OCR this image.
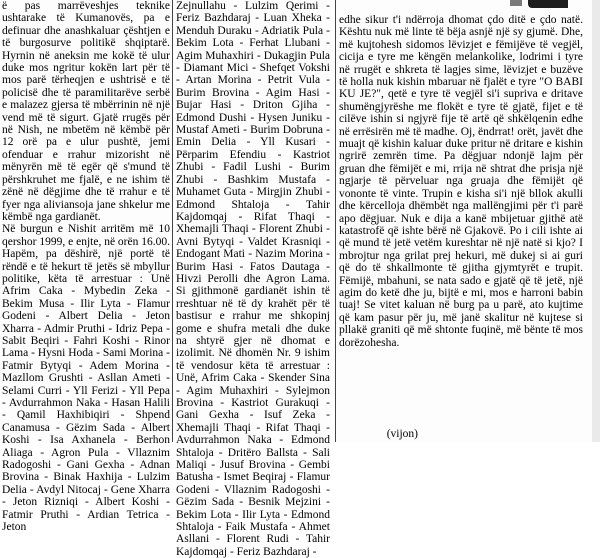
ë pas marrëveshjes teknike ushtarake të Kumanovës, pa e definuar dhe anashkaluar çështjen e të burgosurve politikë shqiptarë. Hyrnin në aneksin me kokë të ulur duke mos ngritur kokën lart për të mos parë tërheqjen e ushtrisë e të policisë dhe të paramilitarëve serbë e malazez gjersa të mbërrinin në një vend më të sigurt. Gjatë rrugës për në Nish, ne mbetëm në këmbë për 12 orë pa e ulur pushtë, jemi ofenduar e rrahur mizorisht në mënyrën më të egër që s'mund të përshkruhet me fjalë, e ne ishim të zënë në dëgjime dhe të rrahur e të fyer nga aliviansoja jane shkelur me këmbë nga gardianët.

Në burgun e Nishit arritëm më 10 qershor 1999, e enjte, në orën 16.00. Hapëm, pa dëshirë, një portë të rëndë e të hekurt të jetës së mbyllur politike, këta të arrestuar : Unë Afrim Caka - Mybedin Zeka - Bekim Musa - Ilir Lyta - Flamur Godeni - Albert Delia - Jeton Xharra - Admir Pruthi - Idriz Pepa - Sabit Beqiri - Fahri Koshi - Rinor Lama - Hysni Hoda - Sami Morina - Fatmir Bytyqi - Adem Morina - Mazllom Grushti - Asllan Ameti - Selami Curri - Yll Ferizi - Yll Pepa - Avdurrahmon Naka - Hasan Halili - Qamil Haxhibiqiri - Shpend Canamusa - Gëzim Sada - Albert Koshi - Isa Axhanela - Berhon Aliaga - Agron Pula - Vllaznim Radogoshi - Gani Gexha - Adnan Brovina - Binak Haxhija - Lulzim Delia - Avdyl Nitocaj - Gene Xharra - Jeton Rizniqi - Albert Koshi - Fatmir Pruthi - Ardian Tetrica - Jeton

Zejnullahu - Lulzim Qerimi - Feriz Bazhdaraj - Luan Xheka - Menduh Duraku - Adriatik Pula - Bekim Lota - Ferhat Llubani - Agim Muhaxhiri - Dukagjin Pula - Diamant Mici - Shefqet Vokshi - Artan Morina - Petrit Vula - Burim Brovina - Agim Hasi - Bujar Hasi - Driton Gjiha - Edmond Dushi - Hysen Juniku - Mustaf Ameti - Burim Dobruna - Emin Delia - Yll Kusari - Përparim Efendiu - Kastriot Zhubi - Fadil Lushi - Burim Zhubi - Bashkim Mustafa - Muhamet Guta - Mirgjin Zhubi - Edmond Shtaloja - Tahir Kajdomqaj - Rifat Thaqi - Xhemajli Thaqi - Florent Zhubi - Avni Bytyqi - Valdet Krasniqi - Endogant Mati - Nazim Morina - Burim Hasi - Fatos Dautaga - Hivzi Perolli dhe Agron Lama. Si gjithmonë gardianët ishin të rreshtuar në të dy krahët për të bastisur e rrahur me shkopinj gome e shufra metali dhe duke na shtyrë gjer në dhomat e izolimit. Në dhomën Nr. 9 ishim të vendosur këta të arrestuar : Unë, Afrim Caka - Skender Sina - Agim Muhaxhiri - Sylejmon Brovina - Kastriot Gurakuqi - Gani Gexha - Isuf Zeka - Xhemajli Thaqi - Rifat Thaqi - Avdurrahmon Naka - Edmond Shtaloja - Dritëro Ballsta - Sali Maliqi - Jusuf Brovina - Gembi Batusha - Ismet Beqiraj - Flamur Godeni - Vllaznim Radogoshi - Gëzim Sada - Besnik Mejzini - Bekim Lota - Ilir Lyta - Edmond Shtaloja - Faik Mustafa - Ahmet Asllani - Florent Rudi - Tahir Kajdomqaj - Feriz Bazhdaraj -

edhe sikur t'i ndërroja dhomat çdo ditë e çdo natë. Kështu nuk më linte të bëja asnjë një sy gjumë. Dhe, më kujtohesh sidomos lëvizjet e fëmijëve të vegjël, cicija e tyre me këngën melankolike, lodrimi i tyre në rrugët e shkreta të lagjes sime, lëvizjet e buzëve të holla nuk kishin mbaruar në fjalët e tyre "O BABI KU JE?", qetë e tyre të vegjël si'i supriva e dritave shumëngjyrëshe me flokët e tyre të gjatë, fijet e të cilëve ishin si ngjyrë fije të artë që shkëlqenin edhe në errësirën më të madhe. Oj, ëndrrat! orët, javët dhe muajt që kishin kaluar duke pritur në dritare e kishin ngrirë zemrën time. Pa dëgjuar ndonjë lajm për gruan dhe fëmijët e mi, rrija në shtrat dhe prisja një ngjarje të përveluar nga gruaja dhe fëmijët që vononte të vinte. Trupin e kisha si'i një bllok akulli dhe kërcelloja dhëmbët nga mallëngjimi për t'i parë apo dëgjuar. Nuk e dija a kanë mbijetuar gjithë atë katastrofë që ishte bërë në Gjakovë. Po i cili ishte ai që mund të jetë vetëm kureshtar në një natë si kjo? I mbrojtur nga grilat prej hekuri, më dukej si ai guri që do të shkallmonte të gjitha gjymtyrët e trupit. Fëmijë, mbahuni, se nata sado e gjatë që të jetë, një agim do ketë dhe ju, bijtë e mi, mos e harroni babin tuaj! Se vitet kaluan në burg pa u parë, ato kujtime që kam pasur për ju, më janë skalitur në kujtese si pllakë graniti që më shtonte fuqinë, më bënte të mos dorëzohesha.

(vijon)
